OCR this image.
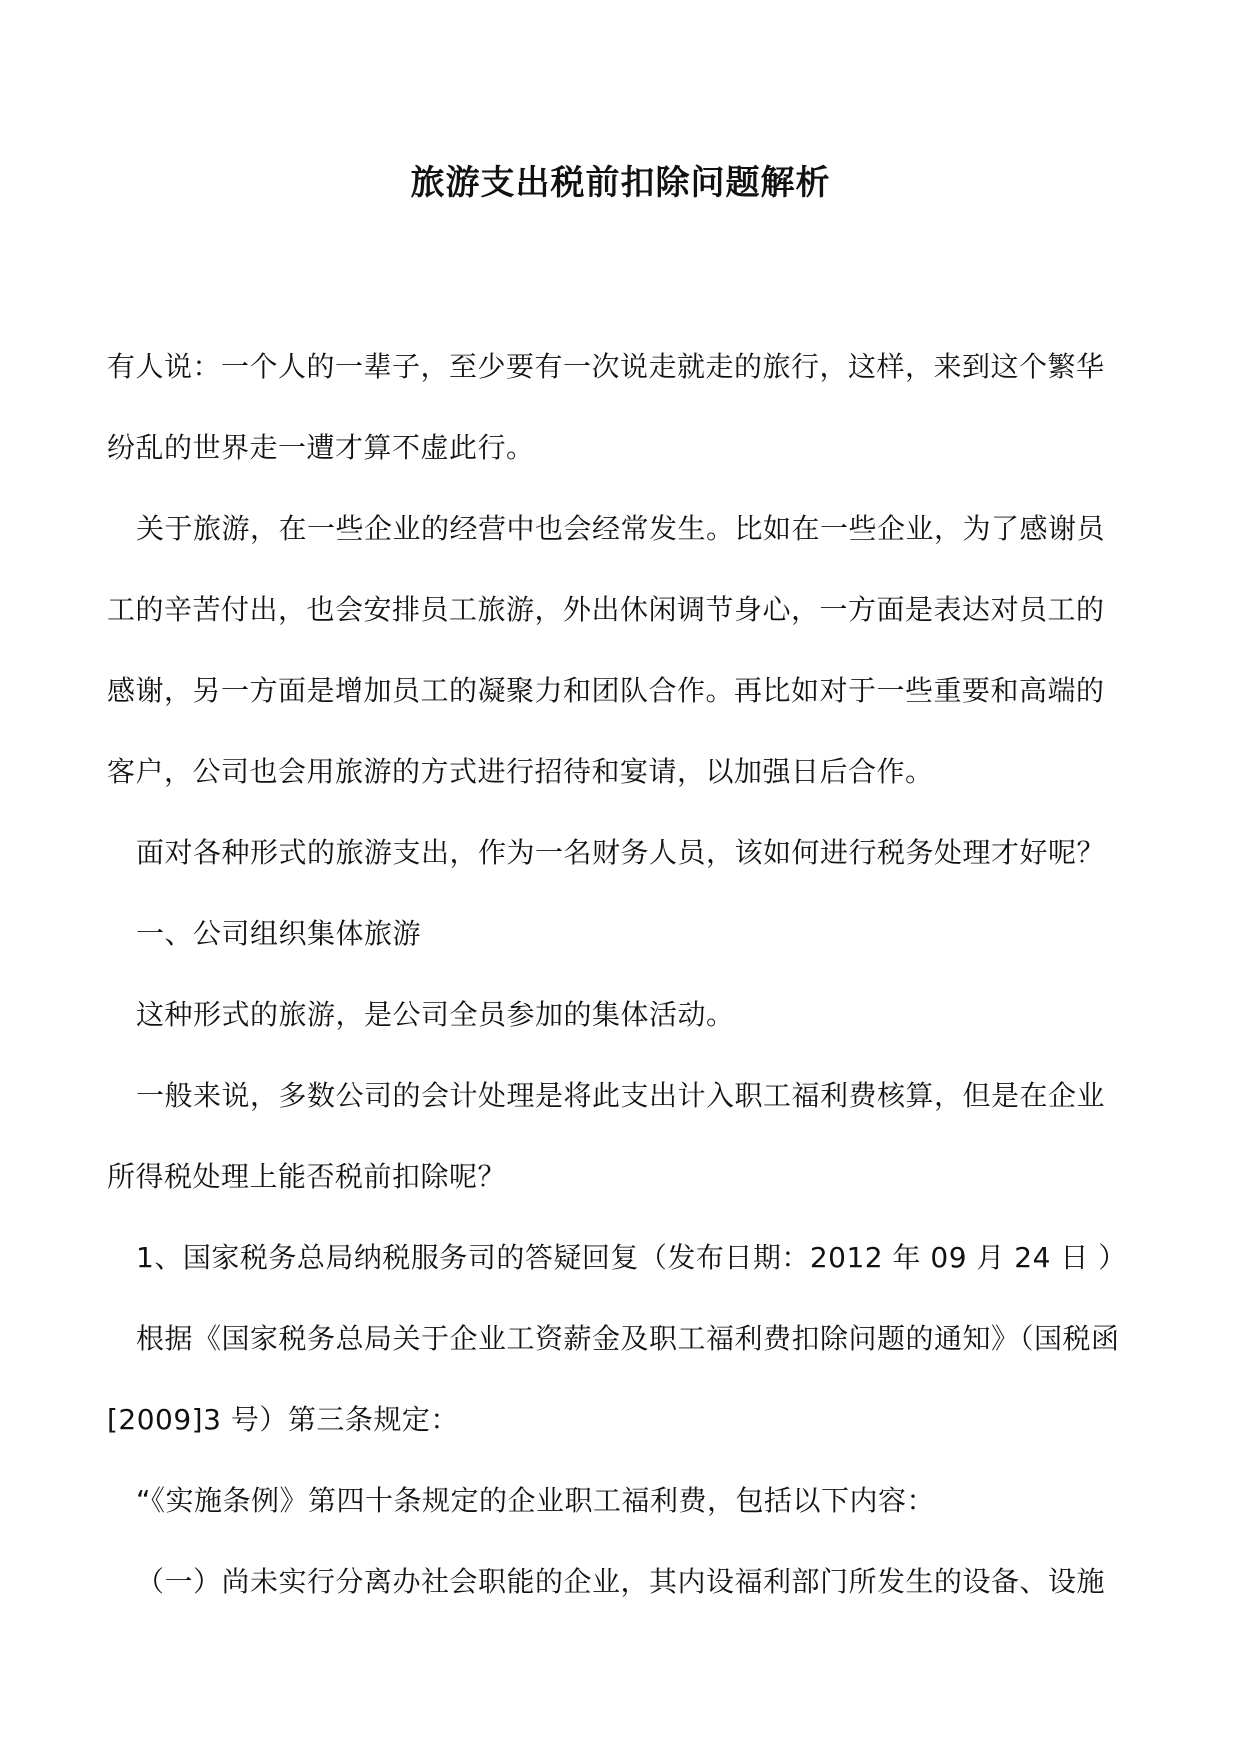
旅游支出税前扣除问题解析
有人说：一个人的一辈子，至少要有一次说走就走的旅行，这样，来到这个繁华
纷乱的世界走一遭才算不虚此行。
关于旅游，在一些企业的经营中也会经常发生。比如在一些企业，为了感谢员
工的辛苦付出，也会安排员工旅游，外出休闲调节身心，一方面是表达对员工的
感谢，另一方面是增加员工的凝聚力和团队合作。再比如对于一些重要和高端的
客户，公司也会用旅游的方式进行招待和宴请，以加强日后合作。
面对各种形式的旅游支出，作为一名财务人员，该如何进行税务处理才好呢？
一、公司组织集体旅游
这种形式的旅游，是公司全员参加的集体活动。
一般来说，多数公司的会计处理是将此支出计入职工福利费核算，但是在企业
所得税处理上能否税前扣除呢？
1、国家税务总局纳税服务司的答疑回复（发布日期：2012 年 09 月 24 日 ）
根据《国家税务总局关于企业工资薪金及职工福利费扣除问题的通知》（国税函
[2009]3 号）第三条规定：
“《实施条例》第四十条规定的企业职工福利费，包括以下内容：
（一）尚未实行分离办社会职能的企业，其内设福利部门所发生的设备、设施
